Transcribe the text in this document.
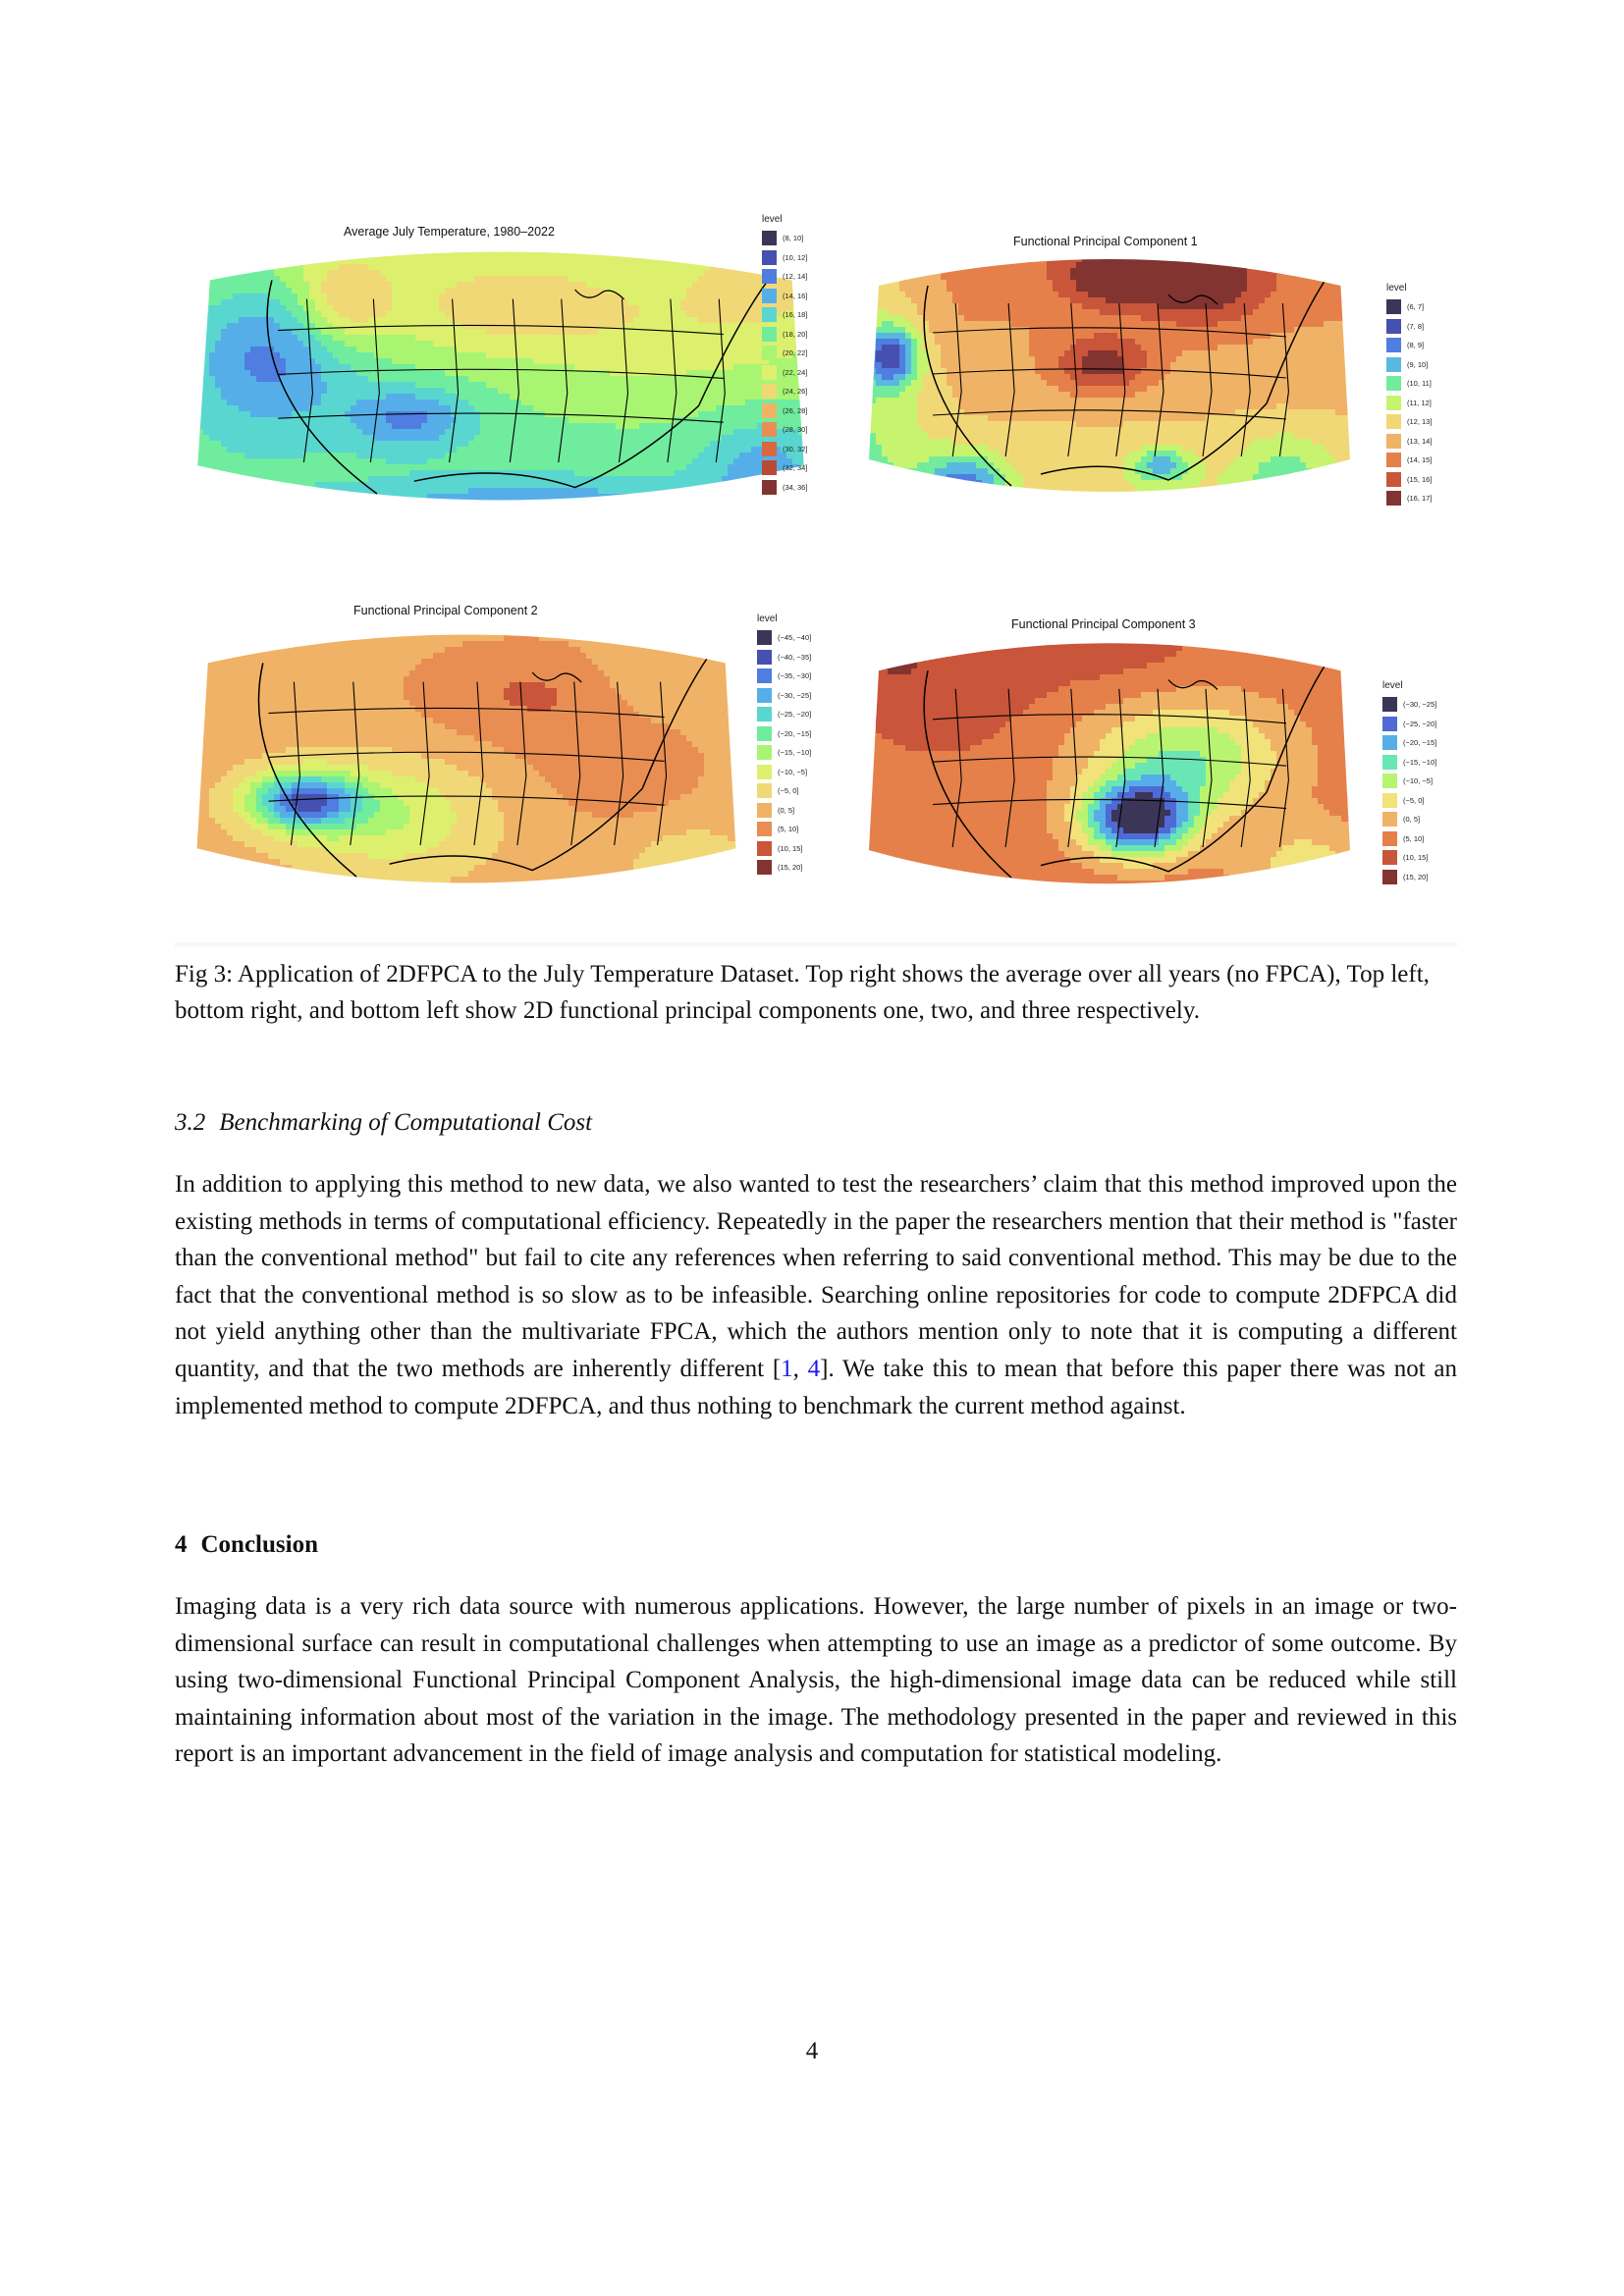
Average July Temperature, 1980–2022
level
(8, 10]
(10, 12]
(12, 14]
(14, 16]
(16, 18]
(18, 20]
(20, 22]
(22, 24]
(24, 26]
(26, 28]
(28, 30]
(30, 32]
(32, 34]
(34, 36]
Functional Principal Component 1
level
(6, 7]
(7, 8]
(8, 9]
(9, 10]
(10, 11]
(11, 12]
(12, 13]
(13, 14]
(14, 15]
(15, 16]
(16, 17]
Functional Principal Component 2
level
(−45, −40]
(−40, −35]
(−35, −30]
(−30, −25]
(−25, −20]
(−20, −15]
(−15, −10]
(−10, −5]
(−5, 0]
(0, 5]
(5, 10]
(10, 15]
(15, 20]
Functional Principal Component 3
level
(−30, −25]
(−25, −20]
(−20, −15]
(−15, −10]
(−10, −5]
(−5, 0]
(0, 5]
(5, 10]
(10, 15]
(15, 20]
Fig 3: Application of 2DFPCA to the July Temperature Dataset. Top right shows the average over all years (no FPCA), Top left, bottom right, and bottom left show 2D functional principal components one, two, and three respectively.
3.2 Benchmarking of Computational Cost
In addition to applying this method to new data, we also wanted to test the researchers’ claim that this method improved upon the existing methods in terms of computational efficiency. Repeatedly in the paper the researchers mention that their method is "faster than the conventional method" but fail to cite any references when referring to said conventional method. This may be due to the fact that the conventional method is so slow as to be infeasible. Searching online repositories for code to compute 2DFPCA did not yield anything other than the multivariate FPCA, which the authors mention only to note that it is computing a different quantity, and that the two methods are inherently different [1, 4]. We take this to mean that before this paper there was not an implemented method to compute 2DFPCA, and thus nothing to benchmark the current method against.
4 Conclusion
Imaging data is a very rich data source with numerous applications. However, the large number of pixels in an image or two-dimensional surface can result in computational challenges when attempting to use an image as a predictor of some outcome. By using two-dimensional Functional Principal Component Analysis, the high-dimensional image data can be reduced while still maintaining information about most of the variation in the image. The methodology presented in the paper and reviewed in this report is an important advancement in the field of image analysis and computation for statistical modeling.
4
